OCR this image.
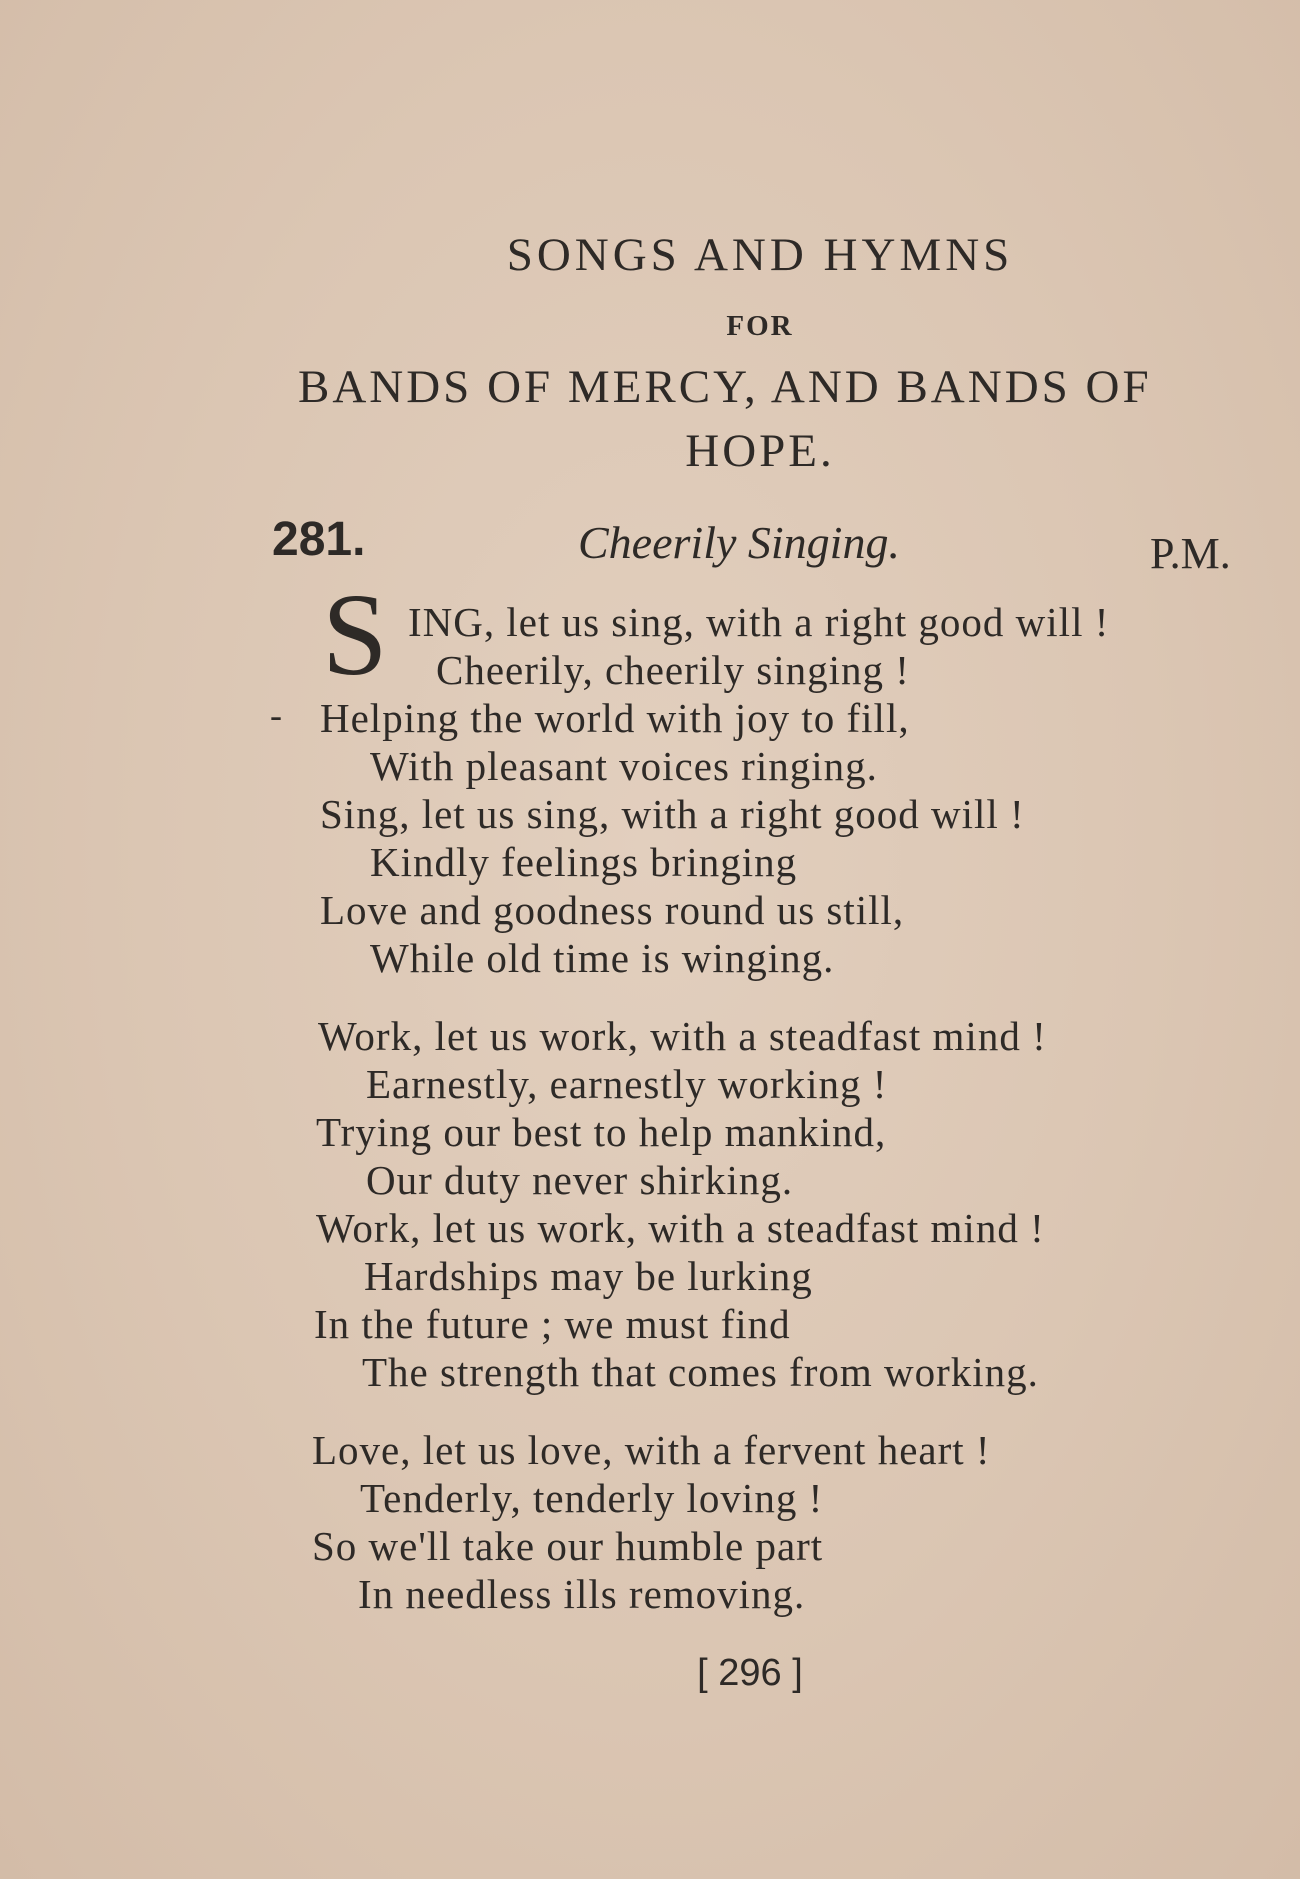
SONGS AND HYMNS
FOR
BANDS OF MERCY, AND BANDS OF
HOPE.
281.	Cheerily Singing.	P.M.
S
-
ING, let us sing, with a right good will !
Cheerily, cheerily singing !
Helping the world with joy to fill,
With pleasant voices ringing.
Sing, let us sing, with a right good will !
Kindly feelings bringing
Love and goodness round us still,
While old time is winging.
Work, let us work, with a steadfast mind !
Earnestly, earnestly working !
Trying our best to help mankind,
Our duty never shirking.
Work, let us work, with a steadfast mind !
Hardships may be lurking
In the future ; we must find
The strength that comes from working.
Love, let us love, with a fervent heart !
Tenderly, tenderly loving !
So we'll take our humble part
In needless ills removing.
[ 296 ]
